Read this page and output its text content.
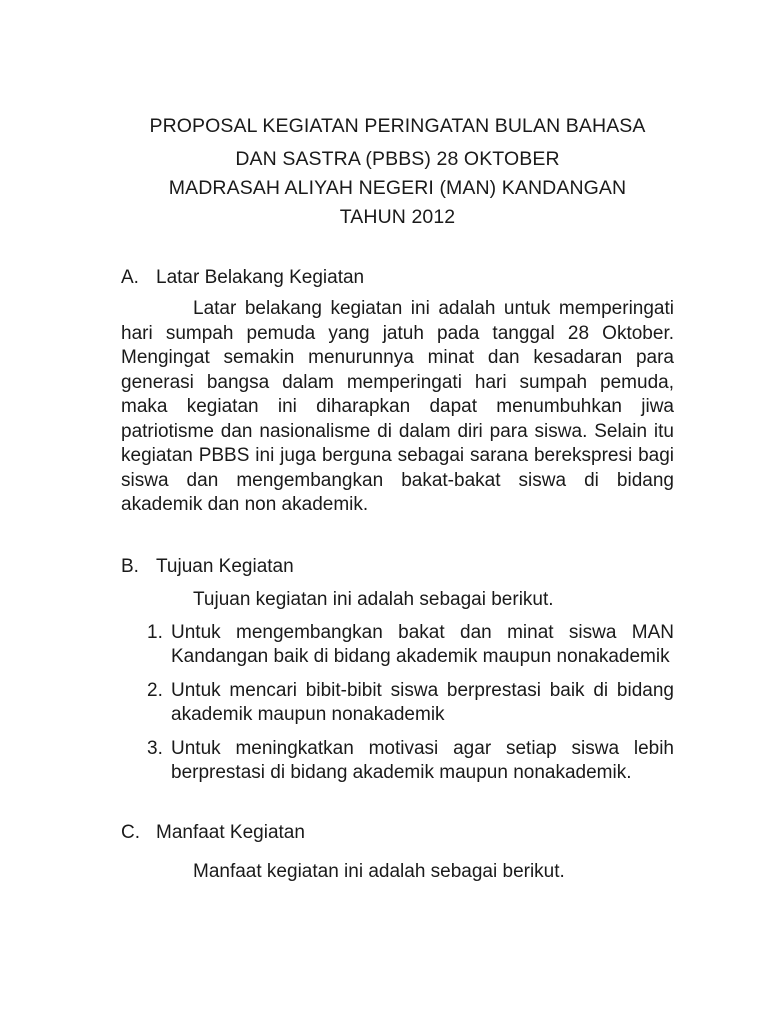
PROPOSAL KEGIATAN PERINGATAN BULAN BAHASA
DAN SASTRA (PBBS) 28 OKTOBER
MADRASAH ALIYAH NEGERI (MAN) KANDANGAN
TAHUN 2012
A. Latar Belakang Kegiatan

Latar belakang kegiatan ini adalah untuk memperingati hari sumpah pemuda yang jatuh pada tanggal 28 Oktober. Mengingat semakin menurunnya minat dan kesadaran para generasi bangsa dalam memperingati hari sumpah pemuda, maka kegiatan ini diharapkan dapat menumbuhkan jiwa patriotisme dan nasionalisme di dalam diri para siswa. Selain itu kegiatan PBBS ini juga berguna sebagai sarana berekspresi bagi siswa dan mengembangkan bakat-bakat siswa di bidang akademik dan non akademik.

B. Tujuan Kegiatan

Tujuan kegiatan ini adalah sebagai berikut.

1. Untuk mengembangkan bakat dan minat siswa MAN Kandangan baik di bidang akademik maupun nonakademik
2. Untuk mencari bibit-bibit siswa berprestasi baik di bidang akademik maupun nonakademik
3. Untuk meningkatkan motivasi agar setiap siswa lebih berprestasi di bidang akademik maupun nonakademik.
C. Manfaat Kegiatan

Manfaat kegiatan ini adalah sebagai berikut.
